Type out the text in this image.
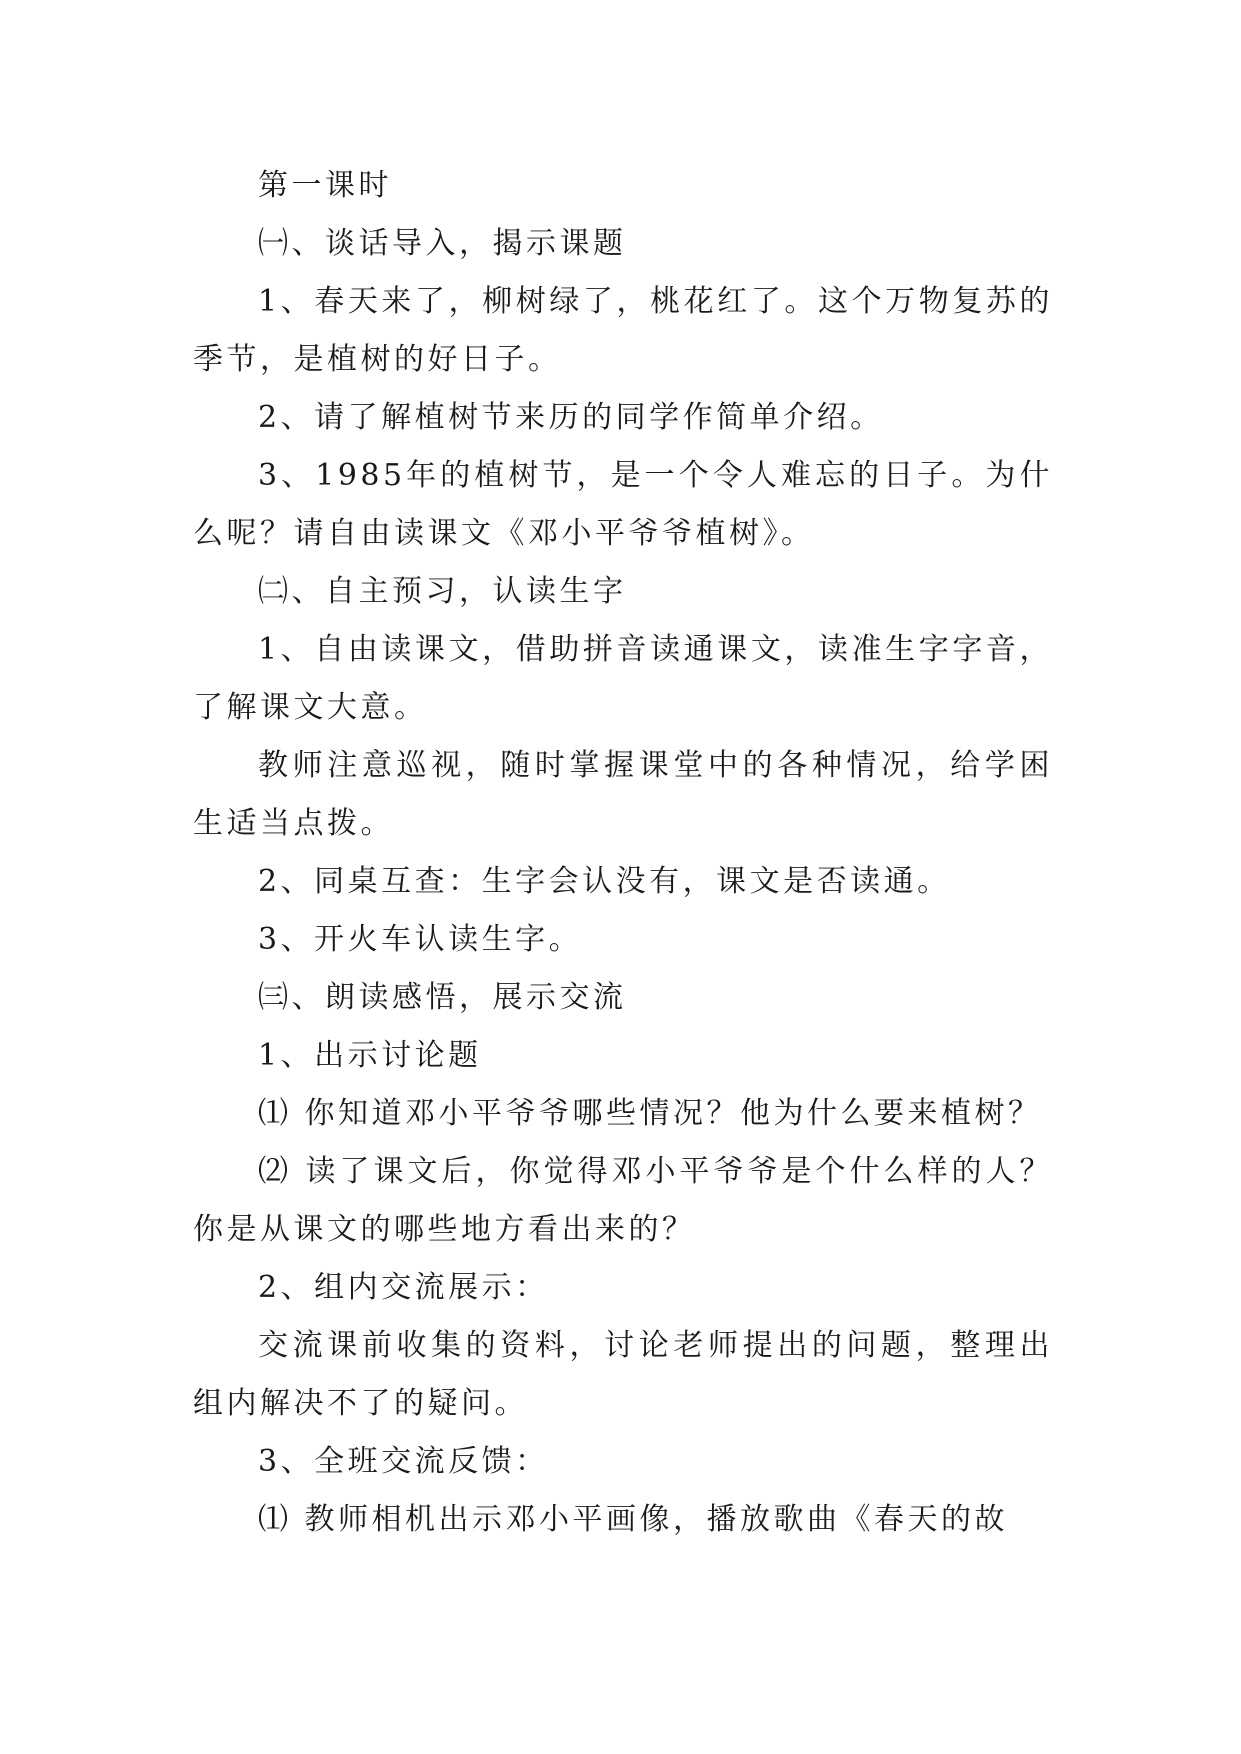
第一课时

㈠、谈话导入，揭示课题

1、春天来了，柳树绿了，桃花红了。这个万物复苏的季节，是植树的好日子。

2、请了解植树节来历的同学作简单介绍。

3、1985年的植树节，是一个令人难忘的日子。为什么呢？请自由读课文《邓小平爷爷植树》。

㈡、自主预习，认读生字

1、自由读课文，借助拼音读通课文，读准生字字音，了解课文大意。

教师注意巡视，随时掌握课堂中的各种情况，给学困生适当点拨。

2、同桌互查：生字会认没有，课文是否读通。

3、开火车认读生字。

㈢、朗读感悟，展示交流

1、出示讨论题

⑴ 你知道邓小平爷爷哪些情况？他为什么要来植树？

⑵ 读了课文后，你觉得邓小平爷爷是个什么样的人？你是从课文的哪些地方看出来的？

2、组内交流展示：

交流课前收集的资料，讨论老师提出的问题，整理出组内解决不了的疑问。

3、全班交流反馈：

⑴ 教师相机出示邓小平画像，播放歌曲《春天的故
